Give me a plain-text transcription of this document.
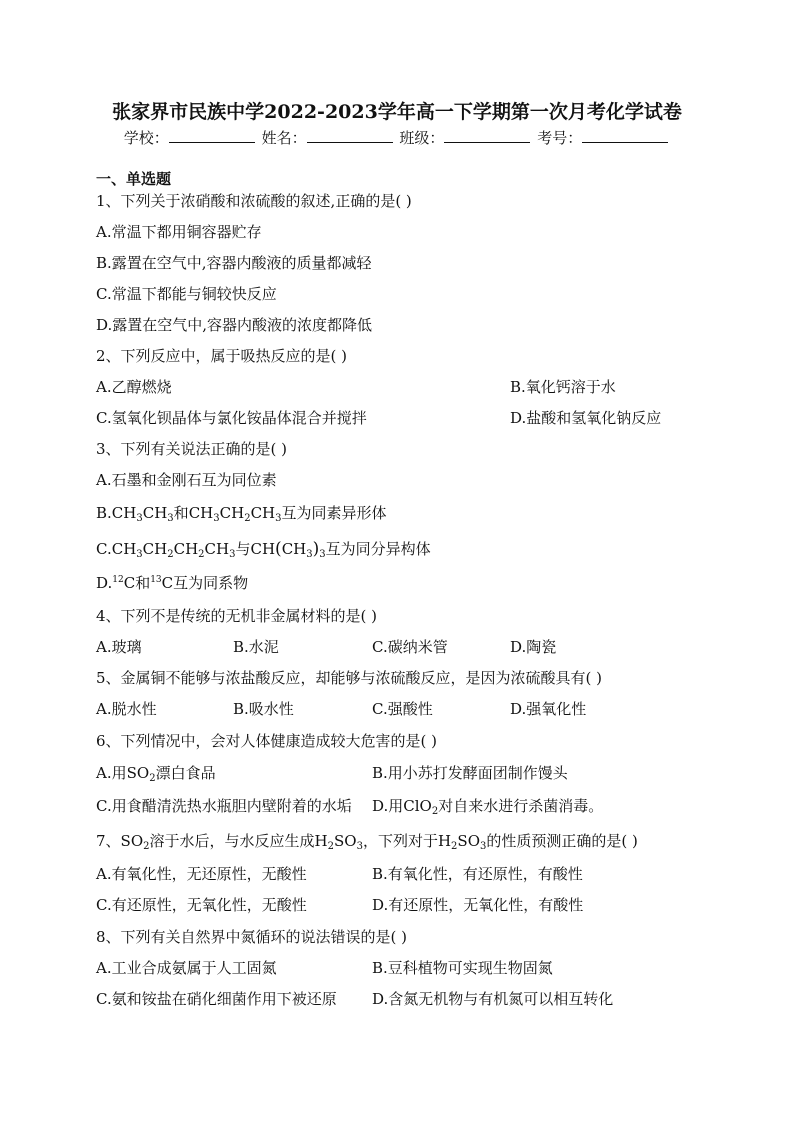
张家界市民族中学2022-2023学年高一下学期第一次月考化学试卷
学校：	姓名：	班级：	考号：
一、单选题
1、下列关于浓硝酸和浓硫酸的叙述,正确的是( )
A.常温下都用铜容器贮存
B.露置在空气中,容器内酸液的质量都减轻
C.常温下都能与铜较快反应
D.露置在空气中,容器内酸液的浓度都降低
2、下列反应中，属于吸热反应的是( )
A.乙醇燃烧	B.氧化钙溶于水
C.氢氧化钡晶体与氯化铵晶体混合并搅拌	D.盐酸和氢氧化钠反应
3、下列有关说法正确的是( )
A.石墨和金刚石互为同位素
$B.CH_3CH_3$和$CH_3CH_2CH_3$互为同素异形体
$C.CH_3CH_2CH_2CH_3$与$CH(CH_3)_3$互为同分异构体
D.$^{12}$C和$^{13}$C互为同系物
4、下列不是传统的无机非金属材料的是( )
A.玻璃	B.水泥	C.碳纳米管	D.陶瓷
5、金属铜不能够与浓盐酸反应，却能够与浓硫酸反应，是因为浓硫酸具有( )
A.脱水性	B.吸水性	C.强酸性	D.强氧化性
6、下列情况中，会对人体健康造成较大危害的是( )
A.用$SO_2$漂白食品	B.用小苏打发酵面团制作馒头
C.用食醋清洗热水瓶胆内壁附着的水垢 D.用ClO$_2$对自来水进行杀菌消毒。
7、$SO_2$溶于水后，与水反应生成$H_2SO_3$，下列对于$H_2SO_3$的性质预测正确的是( )
A.有氧化性，无还原性，无酸性	B.有氧化性，有还原性，有酸性
C.有还原性，无氧化性，无酸性	D.有还原性，无氧化性，有酸性
8、下列有关自然界中氮循环的说法错误的是( )
A.工业合成氨属于人工固氮	B.豆科植物可实现生物固氮
C.氨和铵盐在硝化细菌作用下被还原 D.含氮无机物与有机氮可以相互转化
